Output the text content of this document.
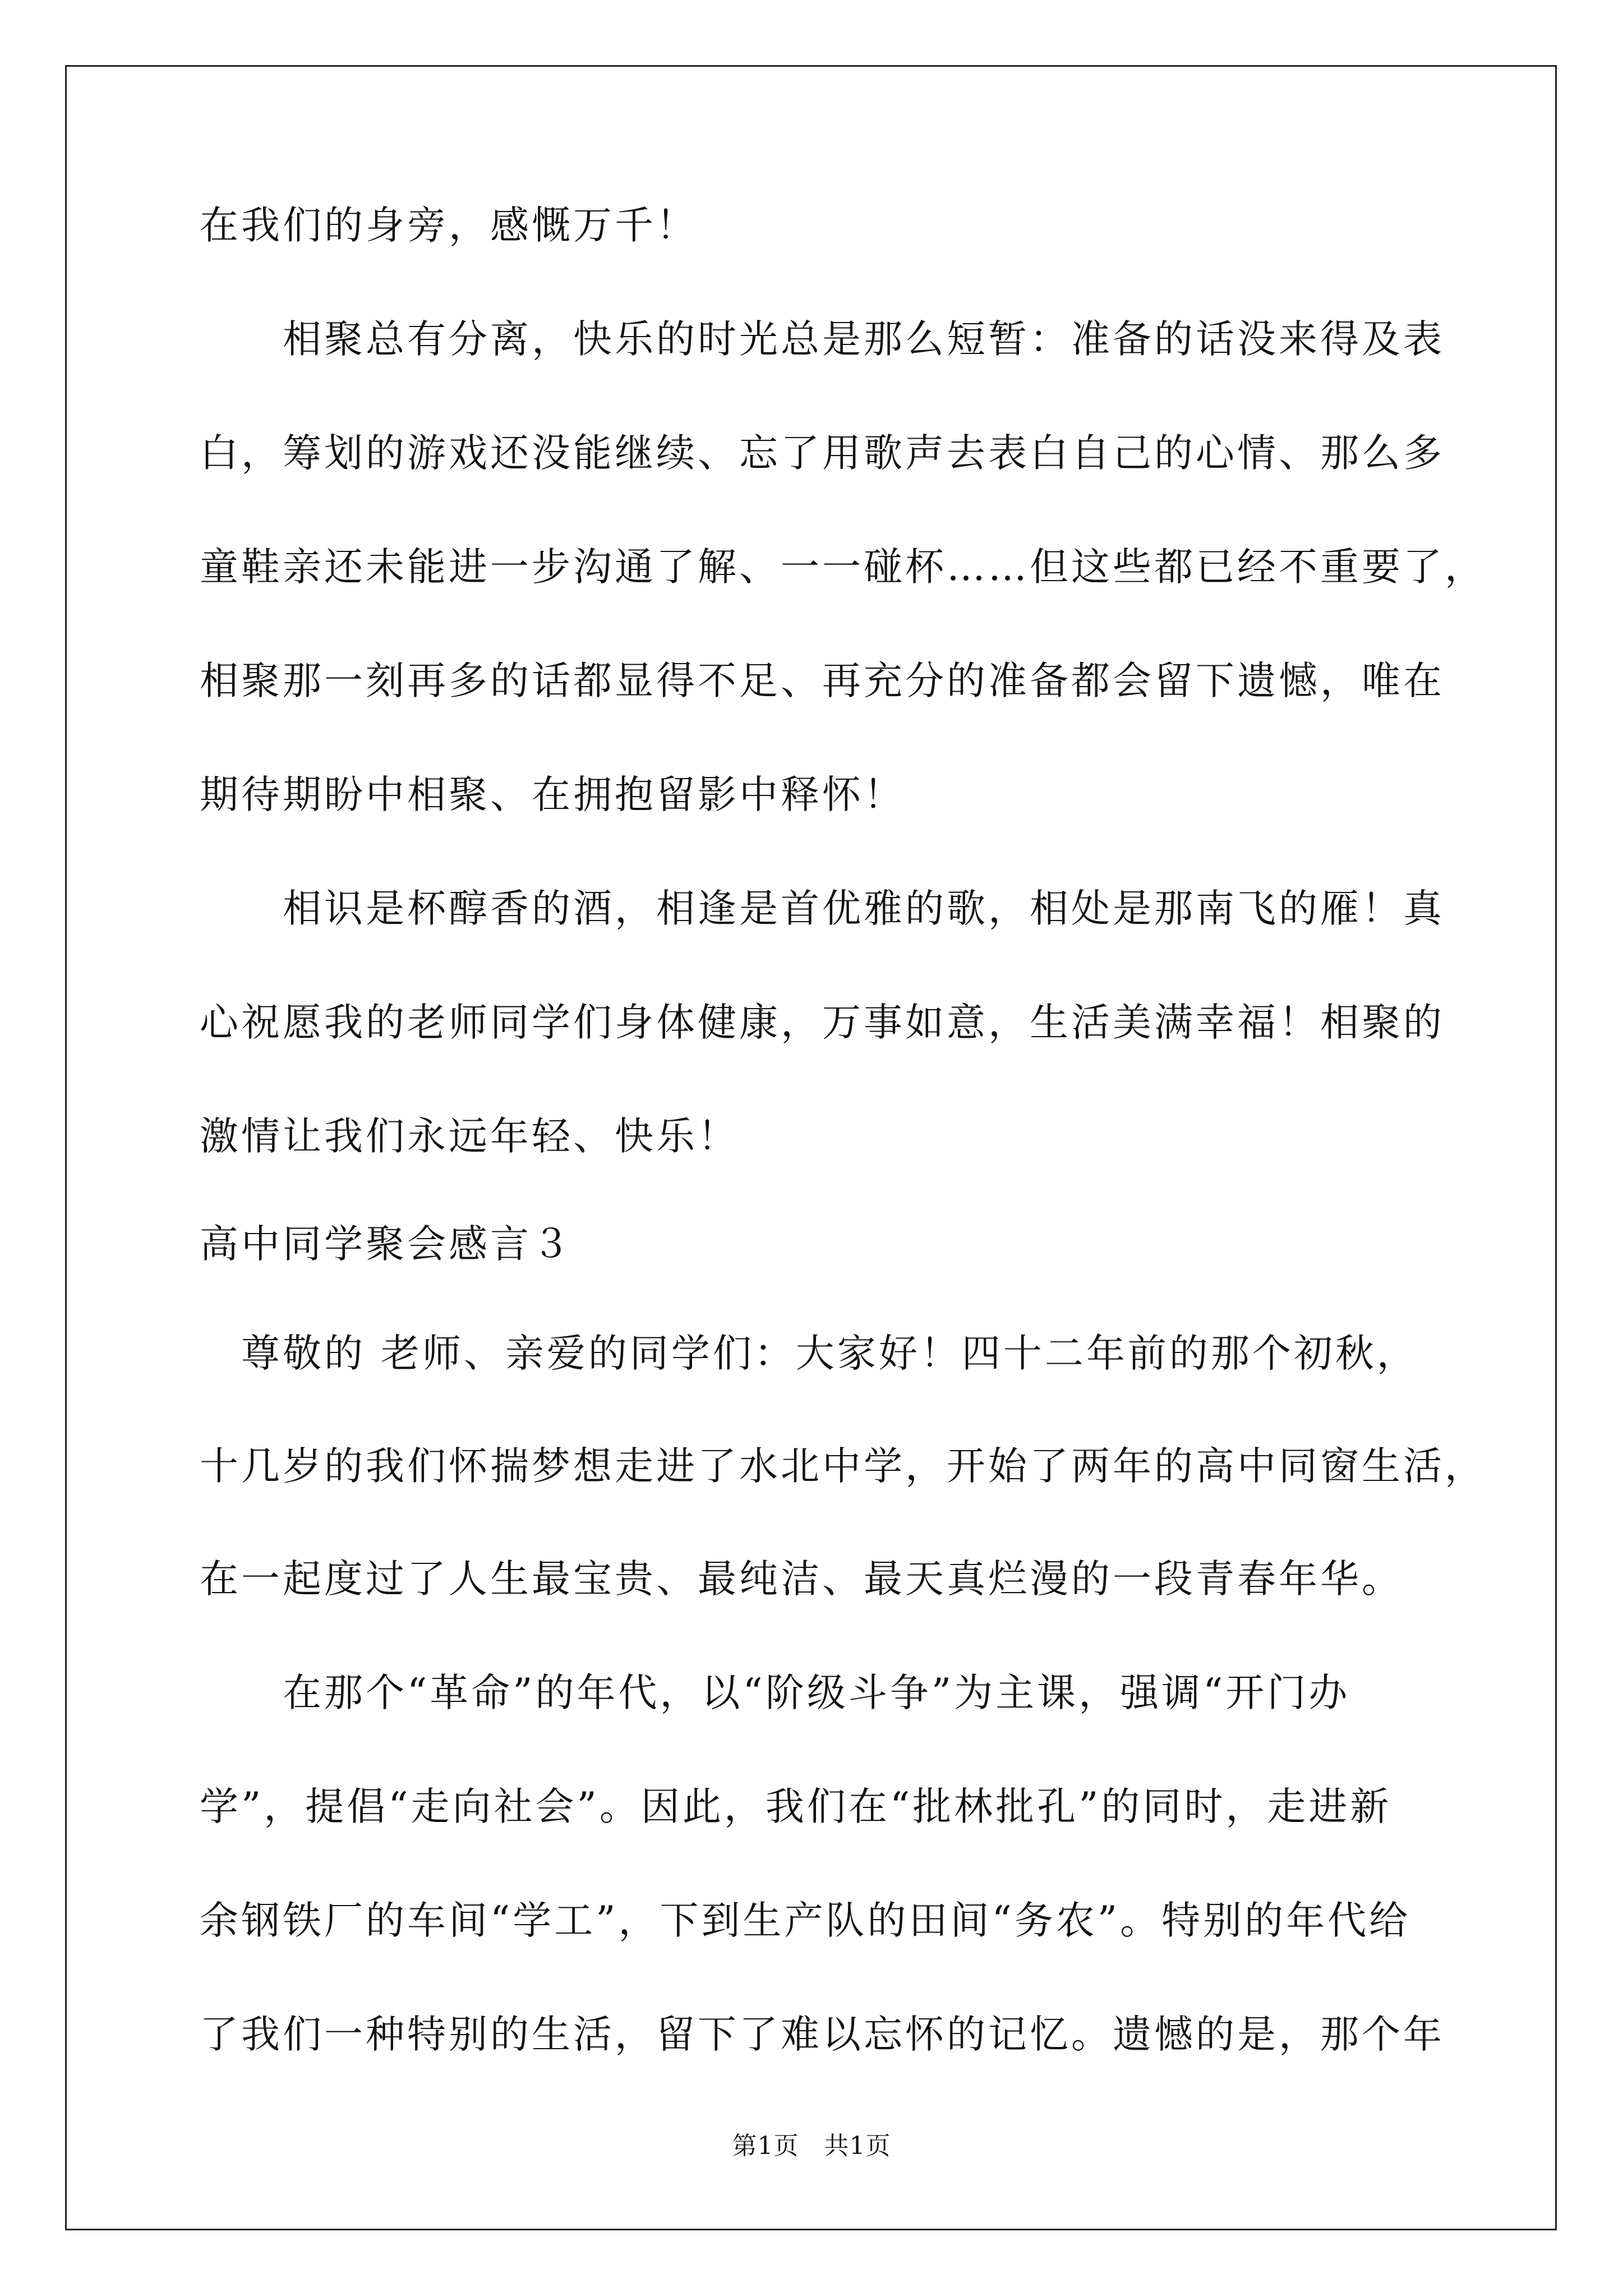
在我们的身旁，感慨万千！
　　相聚总有分离，快乐的时光总是那么短暂：准备的话没来得及表
白，筹划的游戏还没能继续、忘了用歌声去表白自己的心情、那么多
童鞋亲还未能进一步沟通了解、一一碰杯……但这些都已经不重要了，
相聚那一刻再多的话都显得不足、再充分的准备都会留下遗憾，唯在
期待期盼中相聚、在拥抱留影中释怀！
　　相识是杯醇香的酒，相逢是首优雅的歌，相处是那南飞的雁！真
心祝愿我的老师同学们身体健康，万事如意，生活美满幸福！相聚的
激情让我们永远年轻、快乐！
高中同学聚会感言３
　尊敬的 老师、亲爱的同学们：大家好！四十二年前的那个初秋，
十几岁的我们怀揣梦想走进了水北中学，开始了两年的高中同窗生活，
在一起度过了人生最宝贵、最纯洁、最天真烂漫的一段青春年华。
　　在那个“革命”的年代，以“阶级斗争”为主课，强调“开门办
学”，提倡“走向社会”。因此，我们在“批林批孔”的同时，走进新
余钢铁厂的车间“学工”，下到生产队的田间“务农”。特别的年代给
了我们一种特别的生活，留下了难以忘怀的记忆。遗憾的是，那个年
第1页　共1页
